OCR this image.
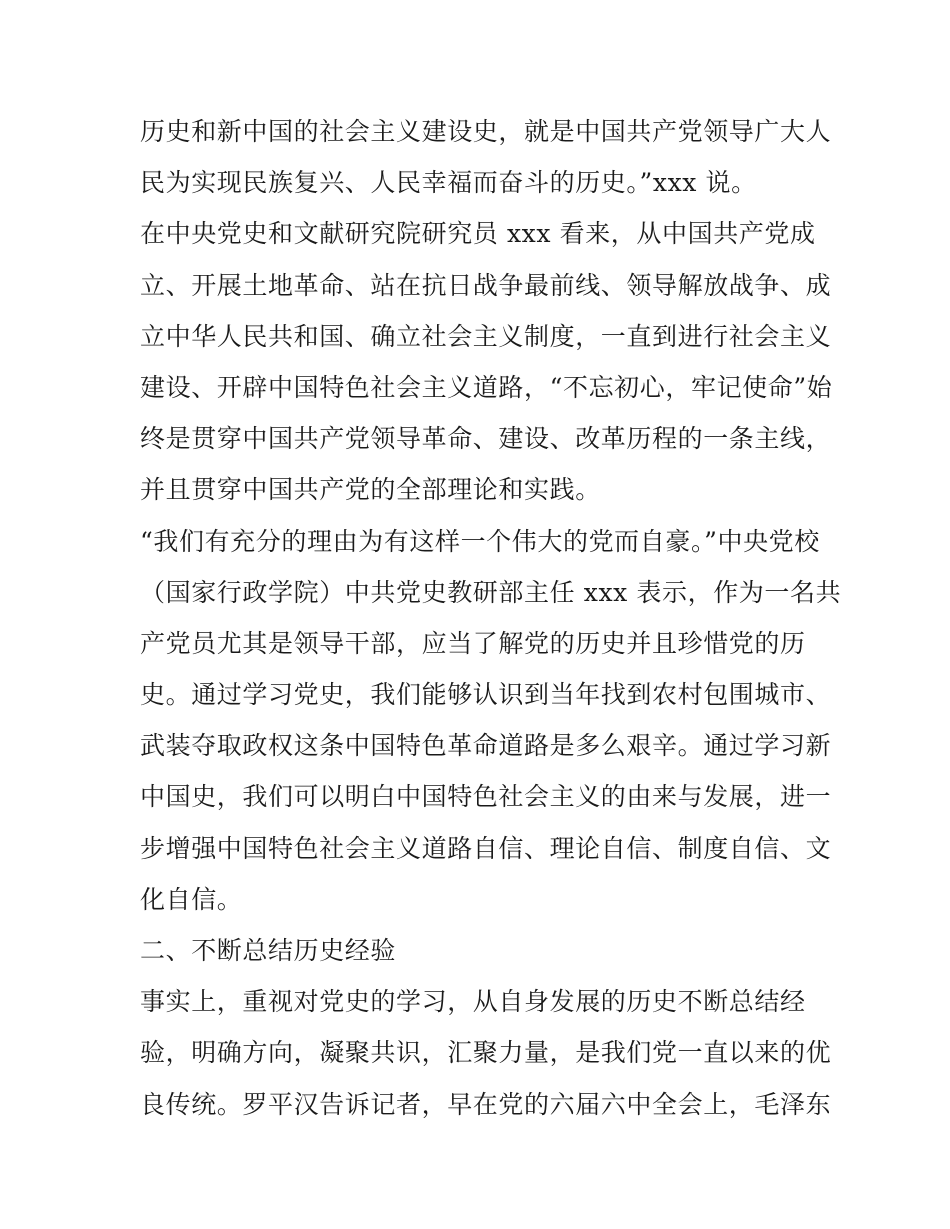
历史和新中国的社会主义建设史，就是中国共产党领导广大人
民为实现民族复兴、人民幸福而奋斗的历史。”xxx 说。
在中央党史和文献研究院研究员 xxx 看来，从中国共产党成
立、开展土地革命、站在抗日战争最前线、领导解放战争、成
立中华人民共和国、确立社会主义制度，一直到进行社会主义
建设、开辟中国特色社会主义道路，“不忘初心，牢记使命”始
终是贯穿中国共产党领导革命、建设、改革历程的一条主线，
并且贯穿中国共产党的全部理论和实践。
“我们有充分的理由为有这样一个伟大的党而自豪。”中央党校
（国家行政学院）中共党史教研部主任 xxx 表示，作为一名共
产党员尤其是领导干部，应当了解党的历史并且珍惜党的历
史。通过学习党史，我们能够认识到当年找到农村包围城市、
武装夺取政权这条中国特色革命道路是多么艰辛。通过学习新
中国史，我们可以明白中国特色社会主义的由来与发展，进一
步增强中国特色社会主义道路自信、理论自信、制度自信、文
化自信。
二、不断总结历史经验
事实上，重视对党史的学习，从自身发展的历史不断总结经
验，明确方向，凝聚共识，汇聚力量，是我们党一直以来的优
良传统。罗平汉告诉记者，早在党的六届六中全会上，毛泽东
